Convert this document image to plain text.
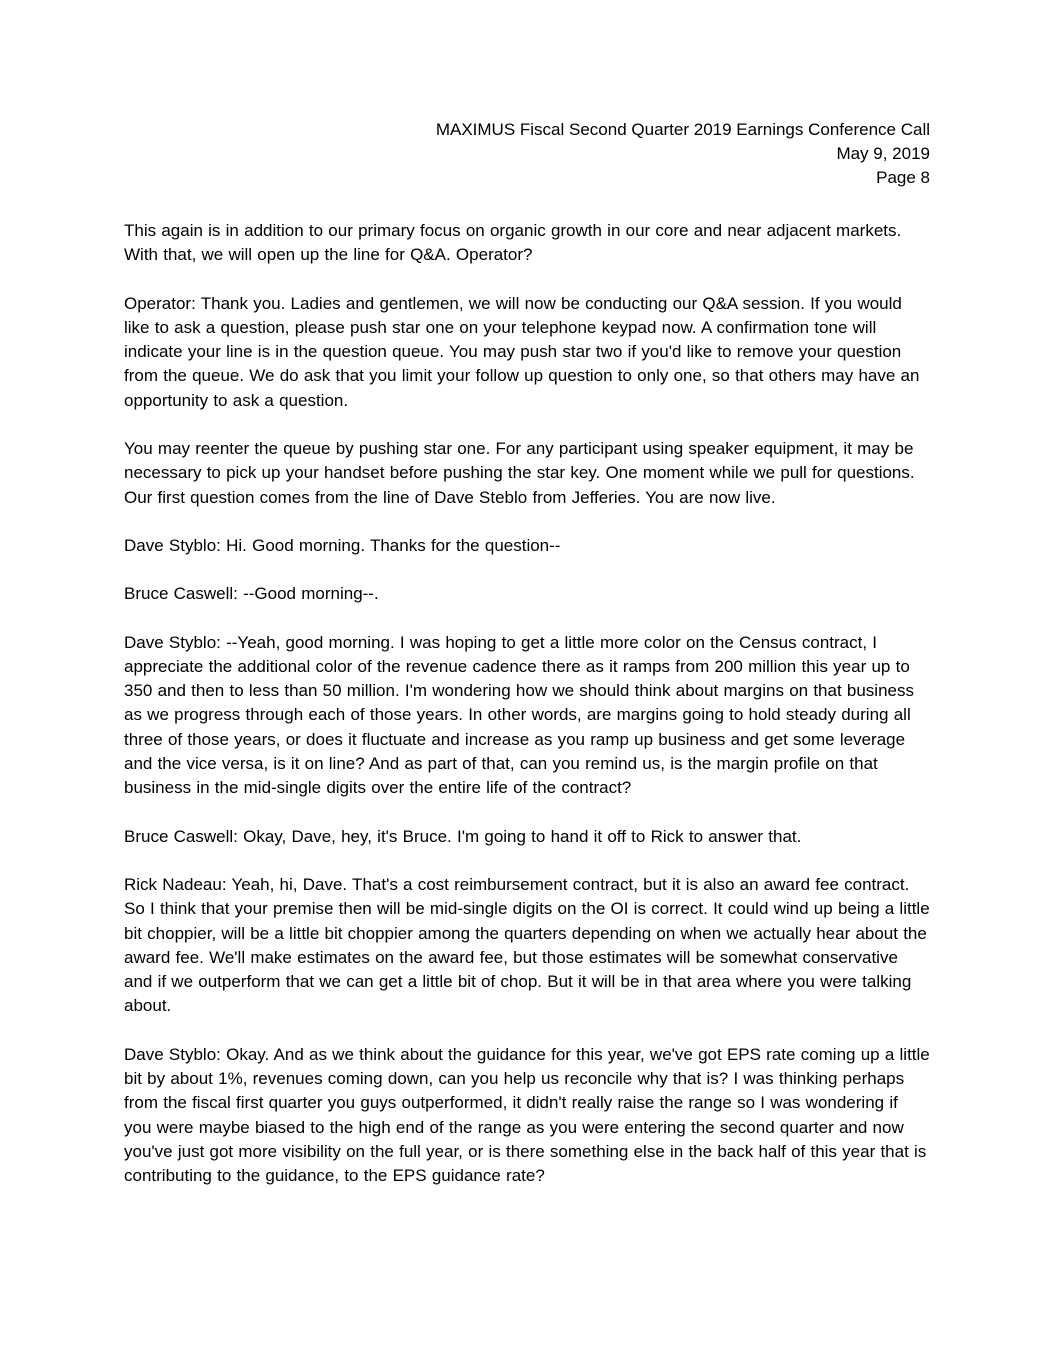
MAXIMUS Fiscal Second Quarter 2019 Earnings Conference Call
May 9, 2019
Page 8

This again is in addition to our primary focus on organic growth in our core and near adjacent markets. With that, we will open up the line for Q&A. Operator?

Operator: Thank you. Ladies and gentlemen, we will now be conducting our Q&A session. If you would like to ask a question, please push star one on your telephone keypad now. A confirmation tone will indicate your line is in the question queue. You may push star two if you'd like to remove your question from the queue. We do ask that you limit your follow up question to only one, so that others may have an opportunity to ask a question.

You may reenter the queue by pushing star one. For any participant using speaker equipment, it may be necessary to pick up your handset before pushing the star key. One moment while we pull for questions. Our first question comes from the line of Dave Steblo from Jefferies. You are now live.

Dave Styblo: Hi. Good morning. Thanks for the question--

Bruce Caswell: --Good morning--.

Dave Styblo: --Yeah, good morning. I was hoping to get a little more color on the Census contract, I appreciate the additional color of the revenue cadence there as it ramps from 200 million this year up to 350 and then to less than 50 million. I'm wondering how we should think about margins on that business as we progress through each of those years. In other words, are margins going to hold steady during all three of those years, or does it fluctuate and increase as you ramp up business and get some leverage and the vice versa, is it on line? And as part of that, can you remind us, is the margin profile on that business in the mid-single digits over the entire life of the contract?

Bruce Caswell: Okay, Dave, hey, it's Bruce. I'm going to hand it off to Rick to answer that.

Rick Nadeau: Yeah, hi, Dave. That's a cost reimbursement contract, but it is also an award fee contract. So I think that your premise then will be mid-single digits on the OI is correct. It could wind up being a little bit choppier, will be a little bit choppier among the quarters depending on when we actually hear about the award fee. We'll make estimates on the award fee, but those estimates will be somewhat conservative and if we outperform that we can get a little bit of chop. But it will be in that area where you were talking about.

Dave Styblo: Okay. And as we think about the guidance for this year, we've got EPS rate coming up a little bit by about 1%, revenues coming down, can you help us reconcile why that is? I was thinking perhaps from the fiscal first quarter you guys outperformed, it didn't really raise the range so I was wondering if you were maybe biased to the high end of the range as you were entering the second quarter and now you've just got more visibility on the full year, or is there something else in the back half of this year that is contributing to the guidance, to the EPS guidance rate?
